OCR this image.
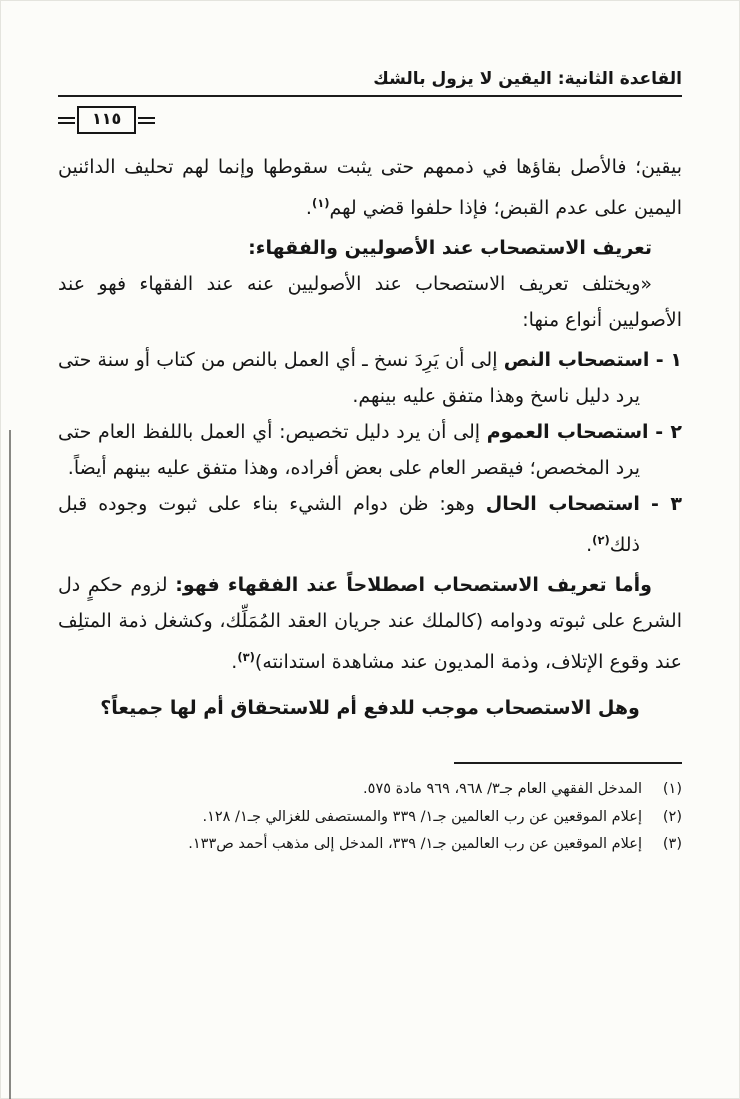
القاعدة الثانية: اليقين لا يزول بالشك
١١٥

بيقين؛ فالأصل بقاؤها في ذممهم حتى يثبت سقوطها وإنما لهم تحليف الدائنين اليمين على عدم القبض؛ فإذا حلفوا قضي لهم$^{(١)}$.

تعريف الاستصحاب عند الأصوليين والفقهاء:

«ويختلف تعريف الاستصحاب عند الأصوليين عنه عند الفقهاء فهو عند الأصوليين أنواع منها:

١ - استصحاب النص إلى أن يَرِدَ نسخ ـ أي العمل بالنص من كتاب أو سنة حتى يرد دليل ناسخ وهذا متفق عليه بينهم.

٢ - استصحاب العموم إلى أن يرد دليل تخصيص: أي العمل باللفظ العام حتى يرد المخصص؛ فيقصر العام على بعض أفراده، وهذا متفق عليه بينهم أيضاً.

٣ - استصحاب الحال وهو: ظن دوام الشيء بناء على ثبوت وجوده قبل ذلك$^{(٢)}$.

وأما تعريف الاستصحاب اصطلاحاً عند الفقهاء فهو: لزوم حكمٍ دل الشرع على ثبوته ودوامه (كالملك عند جريان العقد المُمَلِّك، وكشغل ذمة المتلِف عند وقوع الإتلاف، وذمة المديون عند مشاهدة استدانته)$^{(٣)}$.

وهل الاستصحاب موجب للدفع أم للاستحقاق أم لها جميعاً؟

(١)المدخل الفقهي العام جـ٣/ ٩٦٨، ٩٦٩ مادة ٥٧٥.

(٢)إعلام الموقعين عن رب العالمين جـ١/ ٣٣٩ والمستصفى للغزالي جـ١/ ١٢٨.

(٣)إعلام الموقعين عن رب العالمين جـ١/ ٣٣٩، المدخل إلى مذهب أحمد ص١٣٣.
